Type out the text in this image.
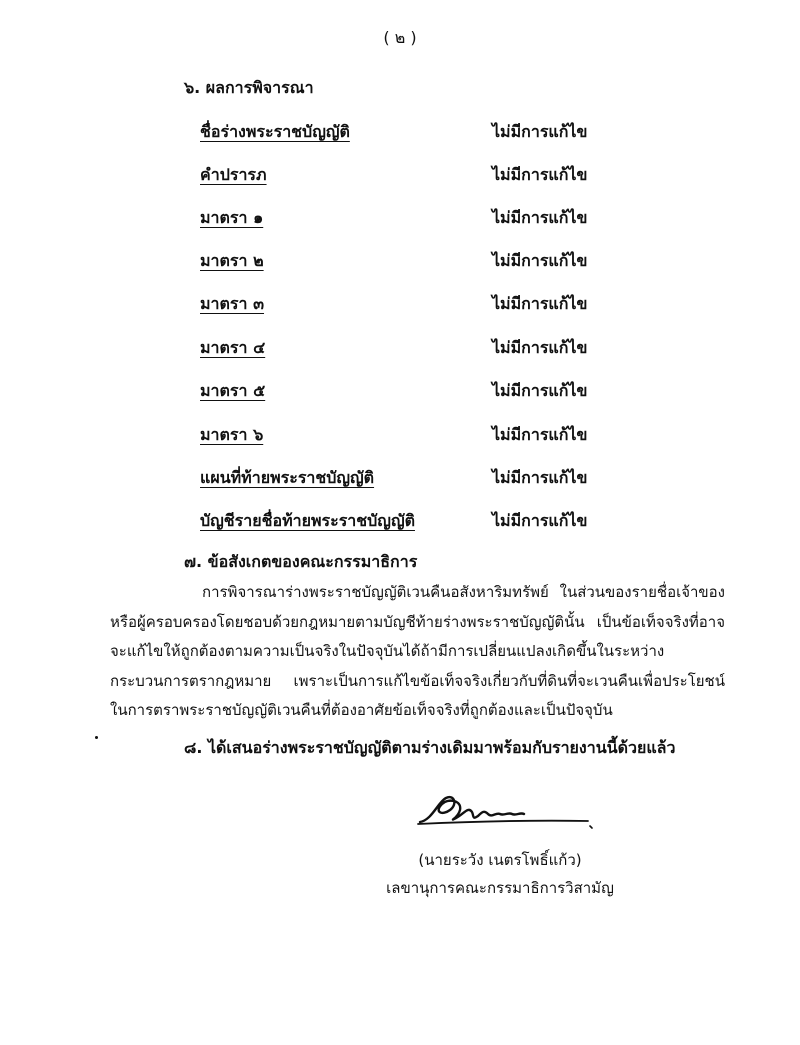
( ๒ )
๖. ผลการพิจารณา
ชื่อร่างพระราชบัญญัติ	ไม่มีการแก้ไข
คำปรารภ	ไม่มีการแก้ไข
มาตรา ๑	ไม่มีการแก้ไข
มาตรา ๒	ไม่มีการแก้ไข
มาตรา ๓	ไม่มีการแก้ไข
มาตรา ๔	ไม่มีการแก้ไข
มาตรา ๕	ไม่มีการแก้ไข
มาตรา ๖	ไม่มีการแก้ไข
แผนที่ท้ายพระราชบัญญัติ	ไม่มีการแก้ไข
บัญชีรายชื่อท้ายพระราชบัญญัติ	ไม่มีการแก้ไข
๗. ข้อสังเกตของคณะกรรมาธิการ

การพิจารณาร่างพระราชบัญญัติเวนคืนอสังหาริมทรัพย์ ในส่วนของรายชื่อเจ้าของหรือผู้ครอบครองโดยชอบด้วยกฎหมายตามบัญชีท้ายร่างพระราชบัญญัตินั้น เป็นข้อเท็จจริงที่อาจจะแก้ไขให้ถูกต้องตามความเป็นจริงในปัจจุบันได้ถ้ามีการเปลี่ยนแปลงเกิดขึ้นในระหว่างกระบวนการตรากฎหมาย เพราะเป็นการแก้ไขข้อเท็จจริงเกี่ยวกับที่ดินที่จะเวนคืนเพื่อประโยชน์ในการตราพระราชบัญญัติเวนคืนที่ต้องอาศัยข้อเท็จจริงที่ถูกต้องและเป็นปัจจุบัน

๘. ได้เสนอร่างพระราชบัญญัติตามร่างเดิมมาพร้อมกับรายงานนี้ด้วยแล้ว
(นายระวัง เนตรโพธิ์แก้ว)
เลขานุการคณะกรรมาธิการวิสามัญ
